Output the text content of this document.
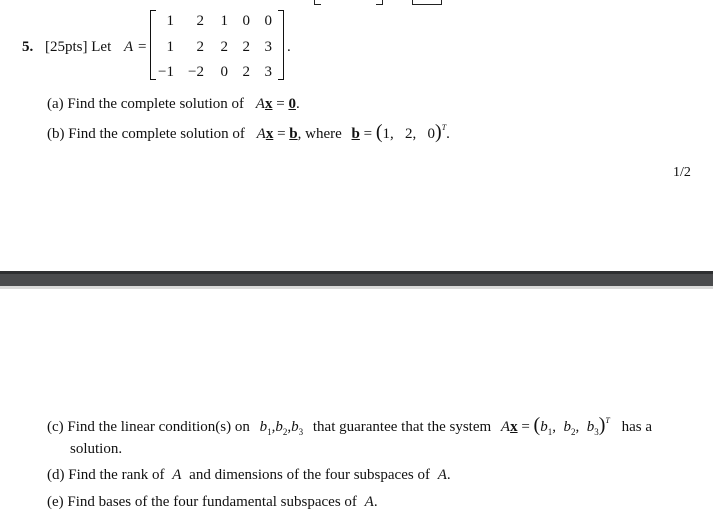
5. [25pts] Let A =
1	2	1 0 0
1	2	2 2 3
−1 −2	0 2 3
.
(a) Find the complete solution of Ax = 0.
(b) Find the complete solution of Ax = b, where b = (1,   2,   0)$^T$.
1/2
(c) Find the linear condition(s) on $b_1,b_2,b_3$ that guarantee that the system $Ax = (b_1$, $b_2$, $b_3)^T$ has a
solution.
(d) Find the rank of A and dimensions of the four subspaces of A.
(e) Find bases of the four fundamental subspaces of A.
